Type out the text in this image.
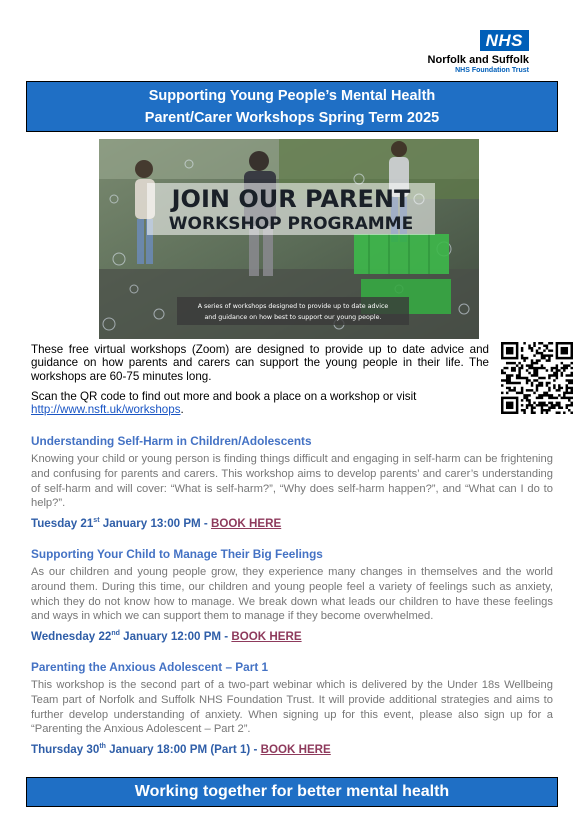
NHS
Norfolk and Suffolk
NHS Foundation Trust
Supporting Young People’s Mental Health
Parent/Carer Workshops Spring Term 2025
JOIN OUR PARENT
WORKSHOP PROGRAMME
A series of workshops designed to provide up to date advice
and guidance on how best to support our young people.

These free virtual workshops (Zoom) are designed to provide up to date advice and guidance on how parents and carers can support the young people in their life. The workshops are 60-75 minutes long.

Scan the QR code to find out more and book a place on a workshop or visit
http://www.nsft.uk/workshops.

Understanding Self-Harm in Children/Adolescents
Knowing your child or young person is finding things difficult and engaging in self-harm can be frightening and confusing for parents and carers. This workshop aims to develop parents’ and carer’s understanding of self-harm and will cover: “What is self-harm?”, “Why does self-harm happen?”, and “What can I do to help?”.
Tuesday 21st January 13:00 PM - BOOK HERE
Supporting Your Child to Manage Their Big Feelings
As our children and young people grow, they experience many changes in themselves and the world around them. During this time, our children and young people feel a variety of feelings such as anxiety, which they do not know how to manage. We break down what leads our children to have these feelings and ways in which we can support them to manage if they become overwhelmed.
Wednesday 22nd January 12:00 PM - BOOK HERE
Parenting the Anxious Adolescent – Part 1
This workshop is the second part of a two-part webinar which is delivered by the Under 18s Wellbeing Team part of Norfolk and Suffolk NHS Foundation Trust. It will provide additional strategies and aims to further develop understanding of anxiety. When signing up for this event, please also sign up for a “Parenting the Anxious Adolescent – Part 2”.
Thursday 30th January 18:00 PM (Part 1) - BOOK HERE
Working together for better mental health
